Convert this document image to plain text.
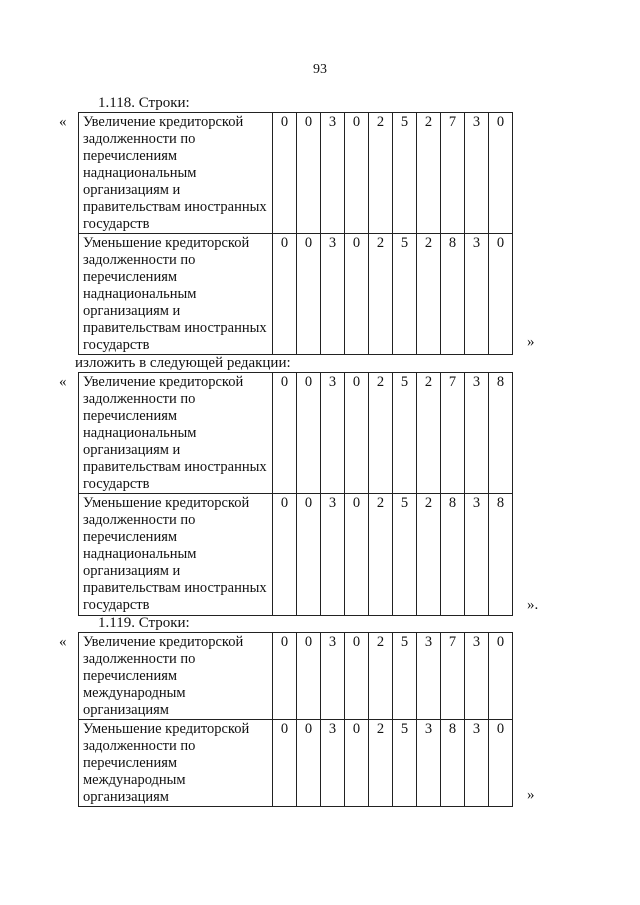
93
1.118. Строки:
« Увеличение кредиторской задолженности по перечислениям наднациональным организациям и правительствам иностранных государств	0	0	3	0	2	5	2	7	3	0
Уменьшение кредиторской задолженности по перечислениям наднациональным организациям и правительствам иностранных государств	0	0	3	0	2	5	2	8	3	0
»
изложить в следующей редакции:
« Увеличение кредиторской задолженности по перечислениям наднациональным организациям и правительствам иностранных государств	0	0	3	0	2	5	2	7	3	8
Уменьшение кредиторской задолженности по перечислениям наднациональным организациям и правительствам иностранных государств	0	0	3	0	2	5	2	8	3	8
».
1.119. Строки:
« Увеличение кредиторской задолженности по перечислениям международным организациям	0	0	3	0	2	5	3	7	3	0
Уменьшение кредиторской задолженности по перечислениям международным организациям	0	0	3	0	2	5	3	8	3	0
»
